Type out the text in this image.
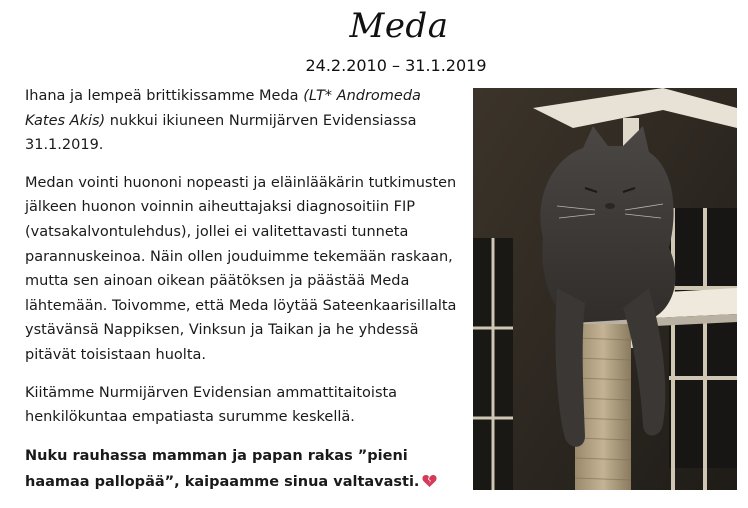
Meda
24.2.2010 – 31.1.2019

Ihana ja lempeä brittikissamme Meda (LT* Andromeda Kates Akis) nukkui ikiuneen Nurmijärven Evidensiassa 31.1.2019.

Medan vointi huononi nopeasti ja eläinlääkärin tutkimusten jälkeen huonon voinnin aiheuttajaksi diagnosoitiin FIP (vatsakalvontulehdus), jollei ei valitettavasti tunneta parannuskeinoa. Näin ollen jouduimme tekemään raskaan, mutta sen ainoan oikean päätöksen ja päästää Meda lähtemään. Toivomme, että Meda löytää Sateenkaarisillalta ystävänsä Nappiksen, Vinksun ja Taikan ja he yhdessä pitävät toisistaan huolta.

Kiitämme Nurmijärven Evidensian ammattitaitoista henkilökuntaa empatiasta surumme keskellä.

Nuku rauhassa mamman ja papan rakas ”pieni haamaa pallopää”, kaipaamme sinua valtavasti.
